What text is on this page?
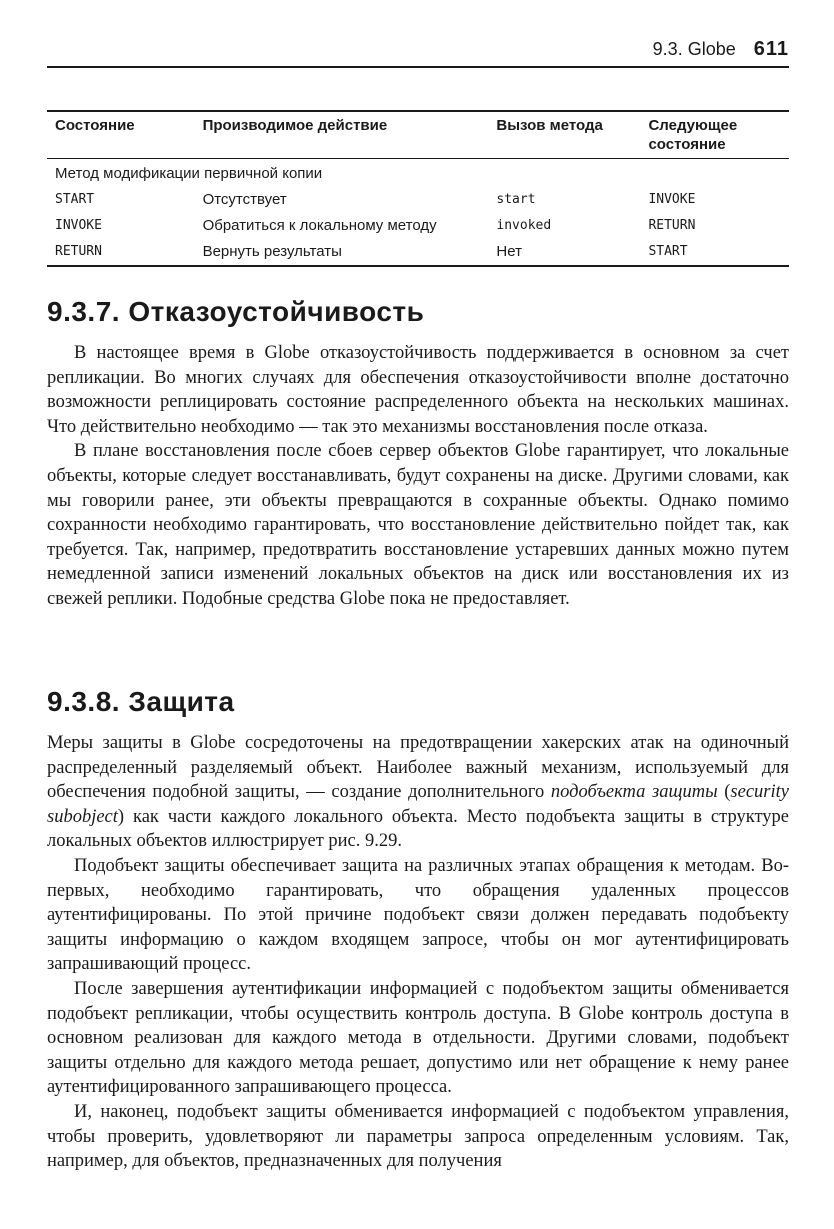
9.3. Globe 611
Состояние	Производимое действие	Вызов метода	Следующее состояние
Метод модификации первичной копии			
START	Отсутствует	start	INVOKE
INVOKE	Обратиться к локальному методу	invoked	RETURN
RETURN	Вернуть результаты	Нет	START
9.3.7. Отказоустойчивость

В настоящее время в Globe отказоустойчивость поддерживается в основном за счет репликации. Во многих случаях для обеспечения отказоустойчивости вполне достаточно возможности реплицировать состояние распределенного объекта на нескольких машинах. Что действительно необходимо — так это механизмы восстановления после отказа.

В плане восстановления после сбоев сервер объектов Globe гарантирует, что локальные объекты, которые следует восстанавливать, будут сохранены на диске. Другими словами, как мы говорили ранее, эти объекты превращаются в сохранные объекты. Однако помимо сохранности необходимо гарантировать, что восстановление действительно пойдет так, как требуется. Так, например, предотвратить восстановление устаревших данных можно путем немедленной записи изменений локальных объектов на диск или восстановления их из свежей реплики. Подобные средства Globe пока не предоставляет.

9.3.8. Защита

Меры защиты в Globe сосредоточены на предотвращении хакерских атак на одиночный распределенный разделяемый объект. Наиболее важный механизм, используемый для обеспечения подобной защиты, — создание дополнительного подобъекта защиты (security subobject) как части каждого локального объекта. Место подобъекта защиты в структуре локальных объектов иллюстрирует рис. 9.29.

Подобъект защиты обеспечивает защита на различных этапах обращения к методам. Во-первых, необходимо гарантировать, что обращения удаленных процессов аутентифицированы. По этой причине подобъект связи должен передавать подобъекту защиты информацию о каждом входящем запросе, чтобы он мог аутентифицировать запрашивающий процесс.

После завершения аутентификации информацией с подобъектом защиты обменивается подобъект репликации, чтобы осуществить контроль доступа. В Globe контроль доступа в основном реализован для каждого метода в отдельности. Другими словами, подобъект защиты отдельно для каждого метода решает, допустимо или нет обращение к нему ранее аутентифицированного запрашивающего процесса.

И, наконец, подобъект защиты обменивается информацией с подобъектом управления, чтобы проверить, удовлетворяют ли параметры запроса определенным условиям. Так, например, для объектов, предназначенных для получения
